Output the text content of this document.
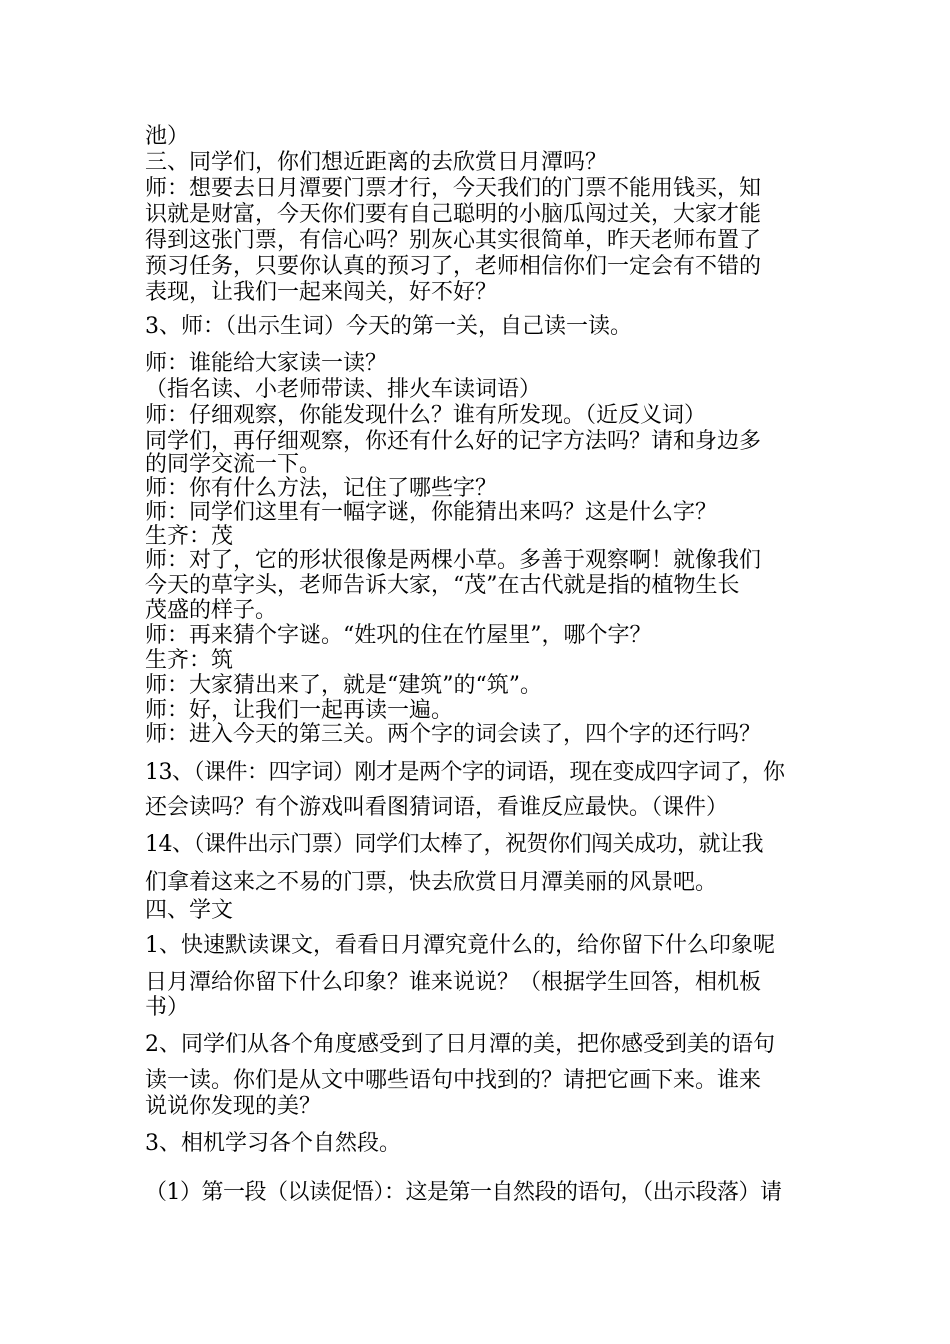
池）
三、同学们，你们想近距离的去欣赏日月潭吗？
师：想要去日月潭要门票才行，今天我们的门票不能用钱买，知
识就是财富，今天你们要有自己聪明的小脑瓜闯过关，大家才能
得到这张门票，有信心吗？别灰心其实很简单，昨天老师布置了
预习任务，只要你认真的预习了，老师相信你们一定会有不错的
表现，让我们一起来闯关，好不好？
3、师：（出示生词）今天的第一关，自己读一读。
师：谁能给大家读一读？
（指名读、小老师带读、排火车读词语）
师：仔细观察，你能发现什么？谁有所发现。（近反义词）
同学们，再仔细观察，你还有什么好的记字方法吗？请和身边多
的同学交流一下。
师：你有什么方法，记住了哪些字？
师：同学们这里有一幅字谜，你能猜出来吗？这是什么字？
生齐：茂
师：对了，它的形状很像是两棵小草。多善于观察啊！就像我们
今天的草字头，老师告诉大家，“茂”在古代就是指的植物生长
茂盛的样子。
师：再来猜个字谜。“姓巩的住在竹屋里”，哪个字？
生齐：筑
师：大家猜出来了，就是“建筑”的“筑”。
师：好，让我们一起再读一遍。
师：进入今天的第三关。两个字的词会读了，四个字的还行吗？
13、（课件：四字词）刚才是两个字的词语，现在变成四字词了，你
还会读吗？有个游戏叫看图猜词语，看谁反应最快。（课件）
14、（课件出示门票）同学们太棒了，祝贺你们闯关成功，就让我
们拿着这来之不易的门票，快去欣赏日月潭美丽的风景吧。
四、学文
1、快速默读课文，看看日月潭究竟什么的，给你留下什么印象呢
日月潭给你留下什么印象？谁来说说？（根据学生回答，相机板
书）
2、同学们从各个角度感受到了日月潭的美，把你感受到美的语句
读一读。你们是从文中哪些语句中找到的？请把它画下来。谁来
说说你发现的美？
3、相机学习各个自然段。
（1）第一段（以读促悟）：这是第一自然段的语句，（出示段落）请
